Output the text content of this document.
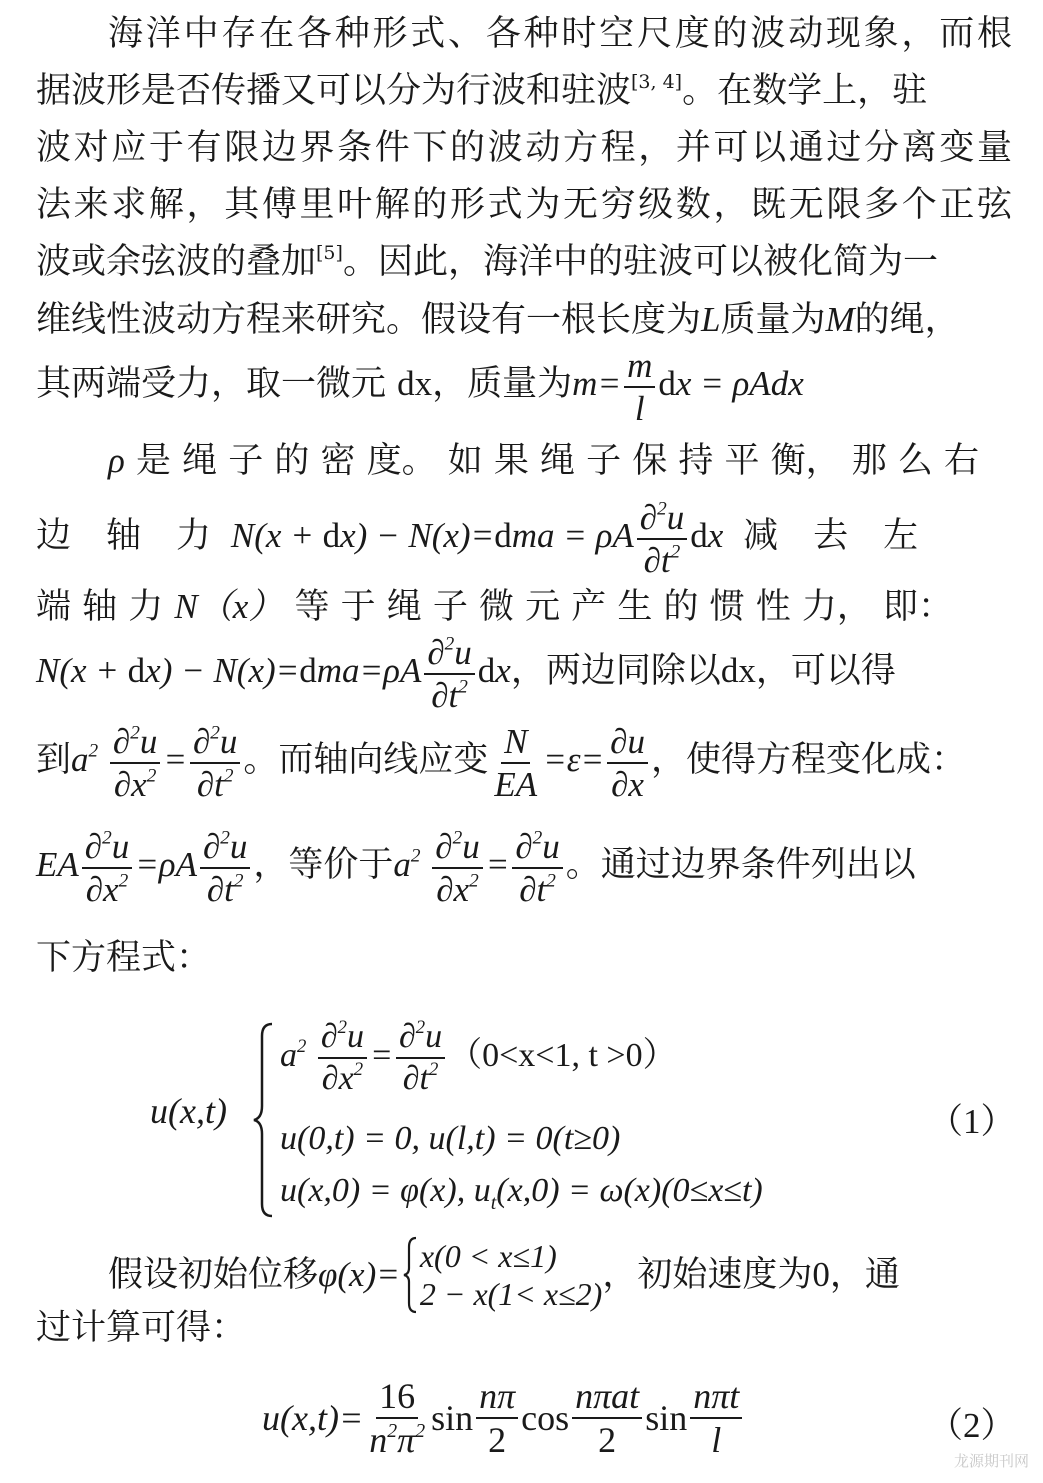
海洋中存在各种形式、各种时空尺度的波动现象，而根

据波形是否传播又可以分为行波和驻波[3, 4]。在数学上，驻

波对应于有限边界条件下的波动方程，并可以通过分离变量

法来求解，其傅里叶解的形式为无穷级数，既无限多个正弦

波或余弦波的叠加[5]。因此，海洋中的驻波可以被化简为一

维线性波动方程来研究。假设有一根长度为L质量为M的绳，

其两端受力，取一微元 dx，质量为$m= \frac{m}{l}$ dx = ρAdx

ρ 是 绳 子 的 密 度。 如 果 绳 子 保 持 平 衡， 那 么 右

边　轴　力  N(x + dx) − N(x)=dma = ρA $\frac{\partial^2u}{\partial t^2}$ dx  减　去　左

端 轴 力 N（x） 等 于 绳 子 微 元 产 生 的 惯 性 力， 即：

$N(x + dx) - N(x)=dma=\rho A \frac{\partial^2u}{\partial t^2}$ dx，两边同除以dx，可以得

到$a^2 \frac{\partial^2u}{\partial x^2} = \frac{\partial^2u}{\partial t^2}$ 。而轴向线应变 $\frac{N}{EA} =\varepsilon= \frac{\partial u}{\partial x}$ ，使得方程变化成：

EA $\frac{\partial^2u}{\partial x^2} =\rho A \frac{\partial^2u}{\partial t^2}$ ，等价于$a^2 \frac{\partial^2u}{\partial x^2} = \frac{\partial^2u}{\partial t^2}$ 。通过边界条件列出以

下方程式：

u(x,t)
$a^2 \frac{\partial^2u}{\partial x^2} = \frac{\partial^2u}{\partial t^2} (0<x<1$, t >0）
u(0,t) = 0, u(l,t) = 0(t≥0)
u(x,0) = φ(x), $u_t(x,0) = \omega(x)(0\le x\le t)$
（1）
假设初始位移 φ(x)= x(0 < x≤1)
2 − x(1< x≤2) ，初始速度为 0 ，通

过计算可得：

$u(x,t)= \frac{16}{n^2\pi^2}$ $\sin \frac{n\pi}{2}$ $\cos \frac{\text{nπat}}{2}$ $\sin \frac{\text{nπt}}{l}$	（2）
龙源期刊网
